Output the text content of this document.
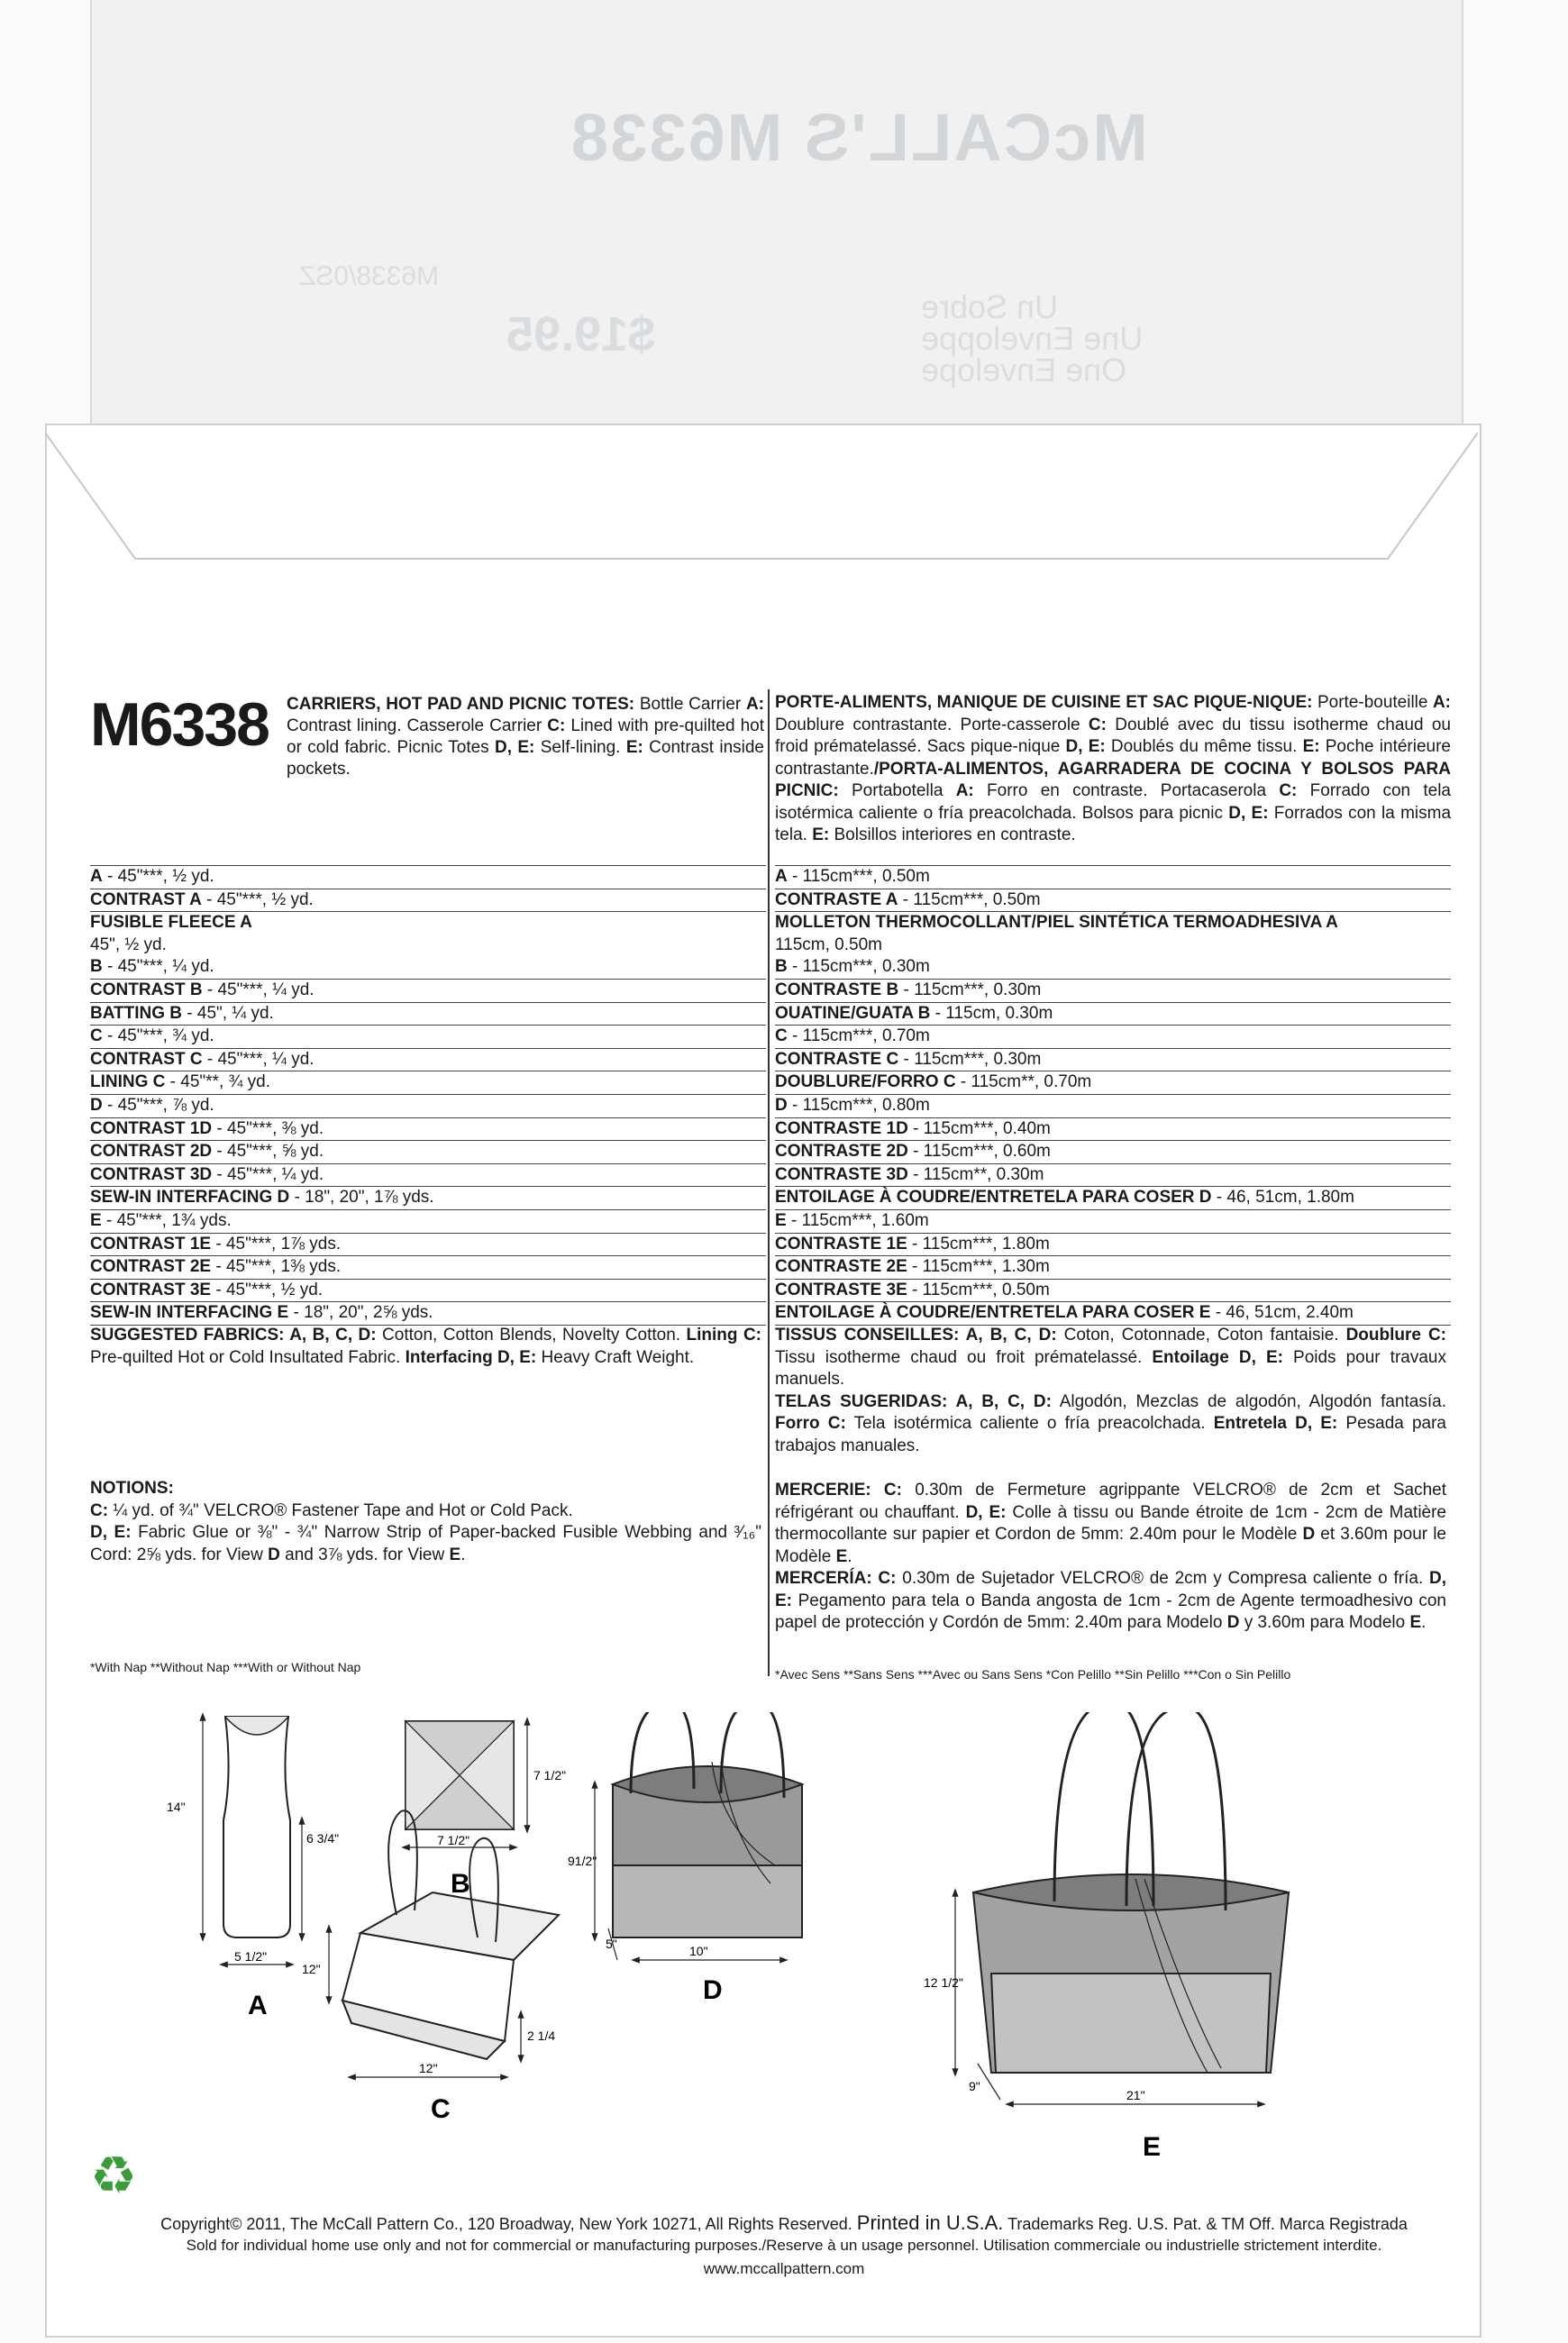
McCALL'S M6338
Un Sobre
Une Enveloppe
One Envelope
$19.95
M6338/0SZ
M6338 CARRIERS, HOT PAD AND PICNIC TOTES: Bottle Carrier A: Contrast lining. Casserole Carrier C: Lined with pre-quilted hot or cold fabric. Picnic Totes D, E: Self-lining. E: Contrast inside pockets.
PORTE-ALIMENTS, MANIQUE DE CUISINE ET SAC PIQUE-NIQUE: Porte-bouteille A: Doublure contrastante. Porte-casserole C: Doublé avec du tissu isotherme chaud ou froid prématelassé. Sacs pique-nique D, E: Doublés du même tissu. E: Poche intérieure contrastante./PORTA-ALIMENTOS, AGARRADERA DE COCINA Y BOLSOS PARA PICNIC: Portabotella A: Forro en contraste. Portacaserola C: Forrado con tela isotérmica caliente o fría preacolchada. Bolsos para picnic D, E: Forrados con la misma tela. E: Bolsillos interiores en contraste.
A - 45"***, ½ yd.
CONTRAST A - 45"***, ½ yd.
FUSIBLE FLEECE A
45", ½ yd.
B - 45"***, ¼ yd.
CONTRAST B - 45"***, ¼ yd.
BATTING B - 45", ¼ yd.
C - 45"***, ¾ yd.
CONTRAST C - 45"***, ¼ yd.
LINING C - 45"**, ¾ yd.
D - 45"***, ⅞ yd.
CONTRAST 1D - 45"***, ⅜ yd.
CONTRAST 2D - 45"***, ⅝ yd.
CONTRAST 3D - 45"***, ¼ yd.
SEW-IN INTERFACING D - 18", 20", 1⅞ yds.
E - 45"***, 1¾ yds.
CONTRAST 1E - 45"***, 1⅞ yds.
CONTRAST 2E - 45"***, 1⅜ yds.
CONTRAST 3E - 45"***, ½ yd.
SEW-IN INTERFACING E - 18", 20", 2⅝ yds.
A - 115cm***, 0.50m
CONTRASTE A - 115cm***, 0.50m
MOLLETON THERMOCOLLANT/PIEL SINTÉTICA TERMOADHESIVA A
115cm, 0.50m
B - 115cm***, 0.30m
CONTRASTE B - 115cm***, 0.30m
OUATINE/GUATA B - 115cm, 0.30m
C - 115cm***, 0.70m
CONTRASTE C - 115cm***, 0.30m
DOUBLURE/FORRO C - 115cm**, 0.70m
D - 115cm***, 0.80m
CONTRASTE 1D - 115cm***, 0.40m
CONTRASTE 2D - 115cm***, 0.60m
CONTRASTE 3D - 115cm**, 0.30m
ENTOILAGE À COUDRE/ENTRETELA PARA COSER D - 46, 51cm, 1.80m
E - 115cm***, 1.60m
CONTRASTE 1E - 115cm***, 1.80m
CONTRASTE 2E - 115cm***, 1.30m
CONTRASTE 3E - 115cm***, 0.50m
ENTOILAGE À COUDRE/ENTRETELA PARA COSER E - 46, 51cm, 2.40m
SUGGESTED FABRICS: A, B, C, D: Cotton, Cotton Blends, Novelty Cotton. Lining C: Pre-quilted Hot or Cold Insultated Fabric. Interfacing D, E: Heavy Craft Weight.
TISSUS CONSEILLES: A, B, C, D: Coton, Cotonnade, Coton fantaisie. Doublure C: Tissu isotherme chaud ou froit prématelassé. Entoilage D, E: Poids pour travaux manuels.
TELAS SUGERIDAS: A, B, C, D: Algodón, Mezclas de algodón, Algodón fantasía. Forro C: Tela isotérmica caliente o fría preacolchada. Entretela D, E: Pesada para trabajos manuales.
NOTIONS:
C: ¼ yd. of ¾" VELCRO® Fastener Tape and Hot or Cold Pack.
D, E: Fabric Glue or ⅜" - ¾" Narrow Strip of Paper-backed Fusible Webbing and ³⁄₁₆" Cord: 2⅝ yds. for View D and 3⅞ yds. for View E.
MERCERIE: C: 0.30m de Fermeture agrippante VELCRO® de 2cm et Sachet réfrigérant ou chauffant. D, E: Colle à tissu ou Bande étroite de 1cm - 2cm de Matière thermocollante sur papier et Cordon de 5mm: 2.40m pour le Modèle D et 3.60m pour le Modèle E.
MERCERÍA: C: 0.30m de Sujetador VELCRO® de 2cm y Compresa caliente o fría. D, E: Pegamento para tela o Banda angosta de 1cm - 2cm de Agente termoadhesivo con papel de protección y Cordón de 5mm: 2.40m para Modelo D y 3.60m para Modelo E.
*With Nap **Without Nap ***With or Without Nap	*Avec Sens **Sans Sens ***Avec ou Sans Sens *Con Pelillo **Sin Pelillo ***Con o Sin Pelillo
14"
6 3/4"
5 1/2"
A
7 1/2"
7 1/2"
B
12"
12"
2 1/4
C
91/2"
5"	10"
D	12 1/2"
9"
21"
E
♻
Copyright© 2011, The McCall Pattern Co., 120 Broadway, New York 10271, All Rights Reserved. Printed in U.S.A. Trademarks Reg. U.S. Pat. & TM Off. Marca Registrada
Sold for individual home use only and not for commercial or manufacturing purposes./Reserve à un usage personnel. Utilisation commerciale ou industrielle strictement interdite.
www.mccallpattern.com
